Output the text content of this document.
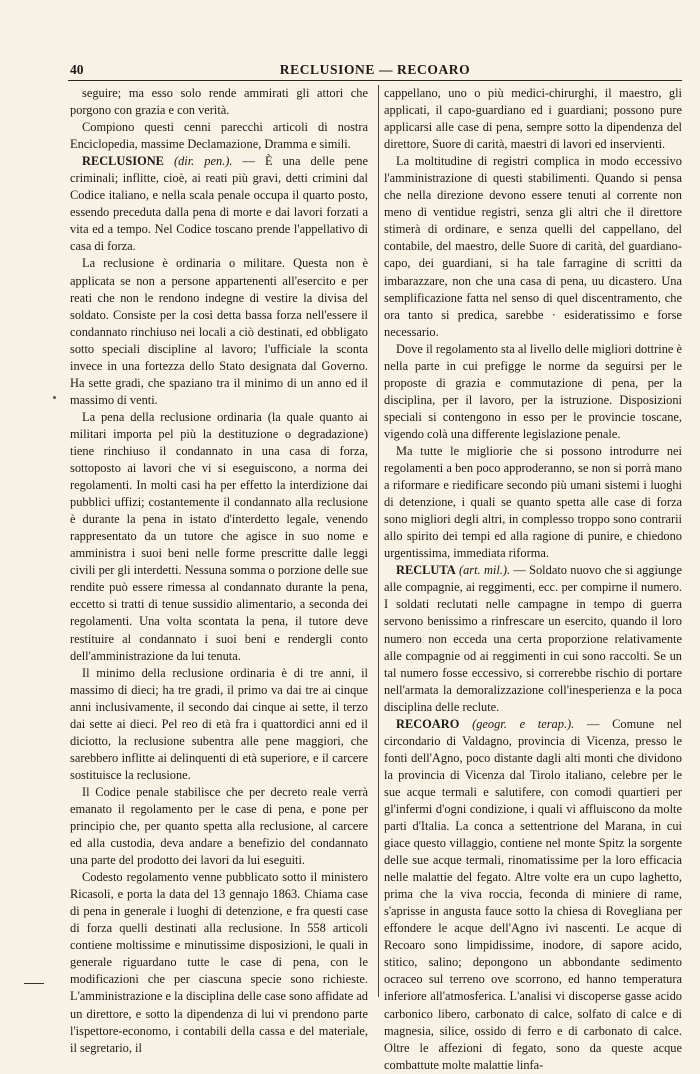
40	RECLUSIONE — RECOARO

seguire; ma esso solo rende ammirati gli attori che porgono con grazia e con verità.

Compiono questi cenni parecchi articoli di nostra Enciclopedia, massime Declamazione, Dramma e simili.

RECLUSIONE (dir. pen.). — È una delle pene criminali; inflitte, cioè, ai reati più gravi, detti crimini dal Codice italiano, e nella scala penale occupa il quarto posto, essendo preceduta dalla pena di morte e dai lavori forzati a vita ed a tempo. Nel Codice toscano prende l'appellativo di casa di forza.

La reclusione è ordinaria o militare. Questa non è applicata se non a persone appartenenti all'esercito e per reati che non le rendono indegne di vestire la divisa del soldato. Consiste per la così detta bassa forza nell'essere il condannato rinchiuso nei locali a ciò destinati, ed obbligato sotto speciali discipline al lavoro; l'ufficiale la sconta invece in una fortezza dello Stato designata dal Governo. Ha sette gradi, che spaziano tra il minimo di un anno ed il massimo di venti.

La pena della reclusione ordinaria (la quale quanto ai militari importa pel più la destituzione o degradazione) tiene rinchiuso il condannato in una casa di forza, sottoposto ai lavori che vi si eseguiscono, a norma dei regolamenti. In molti casi ha per effetto la interdizione dai pubblici uffizi; costantemente il condannato alla reclusione è durante la pena in istato d'interdetto legale, venendo rappresentato da un tutore che agisce in suo nome e amministra i suoi beni nelle forme prescritte dalle leggi civili per gli interdetti. Nessuna somma o porzione delle sue rendite può essere rimessa al condannato durante la pena, eccetto si tratti di tenue sussidio alimentario, a seconda dei regolamenti. Una volta scontata la pena, il tutore deve restituire al condannato i suoi beni e rendergli conto dell'amministrazione da lui tenuta.

Il minimo della reclusione ordinaria è di tre anni, il massimo di dieci; ha tre gradi, il primo va dai tre ai cinque anni inclusivamente, il secondo dai cinque ai sette, il terzo dai sette ai dieci. Pel reo di età fra i quattordici anni ed il diciotto, la reclusione subentra alle pene maggiori, che sarebbero inflitte ai delinquenti di età superiore, e il carcere sostituisce la reclusione.

Il Codice penale stabilisce che per decreto reale verrà emanato il regolamento per le case di pena, e pone per principio che, per quanto spetta alla reclusione, al carcere ed alla custodia, deva andare a benefizio del condannato una parte del prodotto dei lavori da lui eseguiti.

Codesto regolamento venne pubblicato sotto il ministero Ricasoli, e porta la data del 13 gennajo 1863. Chiama case di pena in generale i luoghi di detenzione, e fra questi case di forza quelli destinati alla reclusione. In 558 articoli contiene moltissime e minutissime disposizioni, le quali in generale riguardano tutte le case di pena, con le modificazioni che per ciascuna specie sono richieste. L'amministrazione e la disciplina delle case sono affidate ad un direttore, e sotto la dipendenza di lui vi prendono parte l'ispettore-economo, i contabili della cassa e del materiale, il segretario, il

cappellano, uno o più medici-chirurghi, il maestro, gli applicati, il capo-guardiano ed i guardiani; possono pure applicarsi alle case di pena, sempre sotto la dipendenza del direttore, Suore di carità, maestri di lavori ed inservienti.

La moltitudine di registri complica in modo eccessivo l'amministrazione di questi stabilimenti. Quando si pensa che nella direzione devono essere tenuti al corrente non meno di ventidue registri, senza gli altri che il direttore stimerà di ordinare, e senza quelli del cappellano, del contabile, del maestro, delle Suore di carità, del guardiano-capo, dei guardiani, si ha tale farragine di scritti da imbarazzare, non che una casa di pena, uu dicastero. Una semplificazione fatta nel senso di quel discentramento, che ora tanto si predica, sarebbe · esideratissimo e forse necessario.

Dove il regolamento sta al livello delle migliori dottrine è nella parte in cui prefigge le norme da seguirsi per le proposte di grazia e commutazione di pena, per la disciplina, per il lavoro, per la istruzione. Disposizioni speciali si contengono in esso per le provincie toscane, vigendo colà una differente legislazione penale.

Ma tutte le migliorie che si possono introdurre nei regolamenti a ben poco approderanno, se non si porrà mano a riformare e riedificare secondo più umani sistemi i luoghi di detenzione, i quali se quanto spetta alle case di forza sono migliori degli altri, in complesso troppo sono contrarii allo spirito dei tempi ed alla ragione di punire, e chiedono urgentissima, immediata riforma.

RECLUTA (art. mil.). — Soldato nuovo che si aggiunge alle compagnie, ai reggimenti, ecc. per compirne il numero. I soldati reclutati nelle campagne in tempo di guerra servono benissimo a rinfrescare un esercito, quando il loro numero non ecceda una certa proporzione relativamente alle compagnie od ai reggimenti in cui sono raccolti. Se un tal numero fosse eccessivo, si correrebbe rischio di portare nell'armata la demoralizzazione coll'inesperienza e la poca disciplina delle reclute.

RECOARO (geogr. e terap.). — Comune nel circondario di Valdagno, provincia di Vicenza, presso le fonti dell'Agno, poco distante dagli alti monti che dividono la provincia di Vicenza dal Tirolo italiano, celebre per le sue acque termali e salutifere, con comodi quartieri per gl'infermi d'ogni condizione, i quali vi affluiscono da molte parti d'Italia. La conca a settentrione del Marana, in cui giace questo villaggio, contiene nel monte Spitz la sorgente delle sue acque termali, rinomatissime per la loro efficacia nelle malattie del fegato. Altre volte era un cupo laghetto, prima che la viva roccia, feconda di miniere di rame, s'aprisse in angusta fauce sotto la chiesa di Rovegliana per effondere le acque dell'Agno ivi nascenti. Le acque di Recoaro sono limpidissime, inodore, di sapore acido, stitico, salino; depongono un abbondante sedimento ocraceo sul terreno ove scorrono, ed hanno temperatura inferiore all'atmosferica. L'analisi vi discoperse gasse acido carbonico libero, carbonato di calce, solfato di calce e di magnesia, silice, ossido di ferro e di carbonato di calce. Oltre le affezioni di fegato, sono da queste acque combattute molte malattie linfa-
